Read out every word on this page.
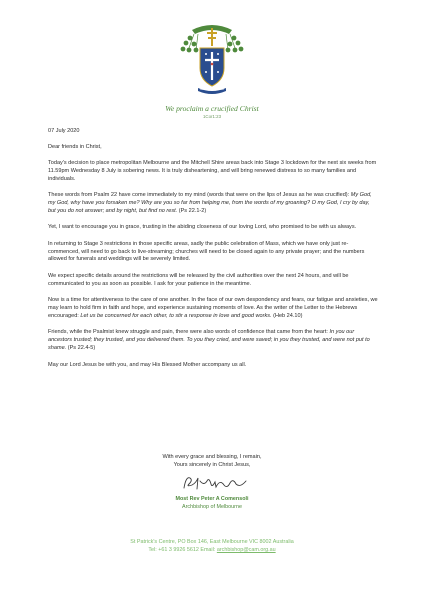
We proclaim a crucified Christ
1Cor1:23

07 July 2020

Dear friends in Christ,

Today's decision to place metropolitan Melbourne and the Mitchell Shire areas back into Stage 3 lockdown for the next six weeks from 11.59pm Wednesday 8 July is sobering news. It is truly disheartening, and will bring renewed distress to so many families and individuals.

These words from Psalm 22 have come immediately to my mind (words that were on the lips of Jesus as he was crucified): My God, my God, why have you forsaken me? Why are you so far from helping me, from the words of my groaning? O my God, I cry by day, but you do not answer; and by night, but find no rest. (Ps 22.1-2)

Yet, I want to encourage you in grace, trusting in the abiding closeness of our loving Lord, who promised to be with us always.

In returning to Stage 3 restrictions in those specific areas, sadly the public celebration of Mass, which we have only just re-commenced, will need to go back to live-streaming; churches will need to be closed again to any private prayer; and the numbers allowed for funerals and weddings will be severely limited.

We expect specific details around the restrictions will be released by the civil authorities over the next 24 hours, and will be communicated to you as soon as possible. I ask for your patience in the meantime.

Now is a time for attentiveness to the care of one another. In the face of our own despondency and fears, our fatigue and anxieties, we may learn to hold firm in faith and hope, and experience sustaining moments of love. As the writer of the Letter to the Hebrews encouraged: Let us be concerned for each other, to stir a response in love and good works. (Heb 24.10)

Friends, while the Psalmist knew struggle and pain, there were also words of confidence that came from the heart: In you our ancestors trusted; they trusted, and you delivered them. To you they cried, and were saved; in you they trusted, and were not put to shame. (Ps 22.4-5)

May our Lord Jesus be with you, and may His Blessed Mother accompany us all.

With every grace and blessing, I remain,
Yours sincerely in Christ Jesus,
Most Rev Peter A Comensoli
Archbishop of Melbourne
St Patrick's Centre, PO Box 146, East Melbourne VIC 8002 Australia
Tel: +61 3 9926 5612 Email: archbishop@cam.org.au
